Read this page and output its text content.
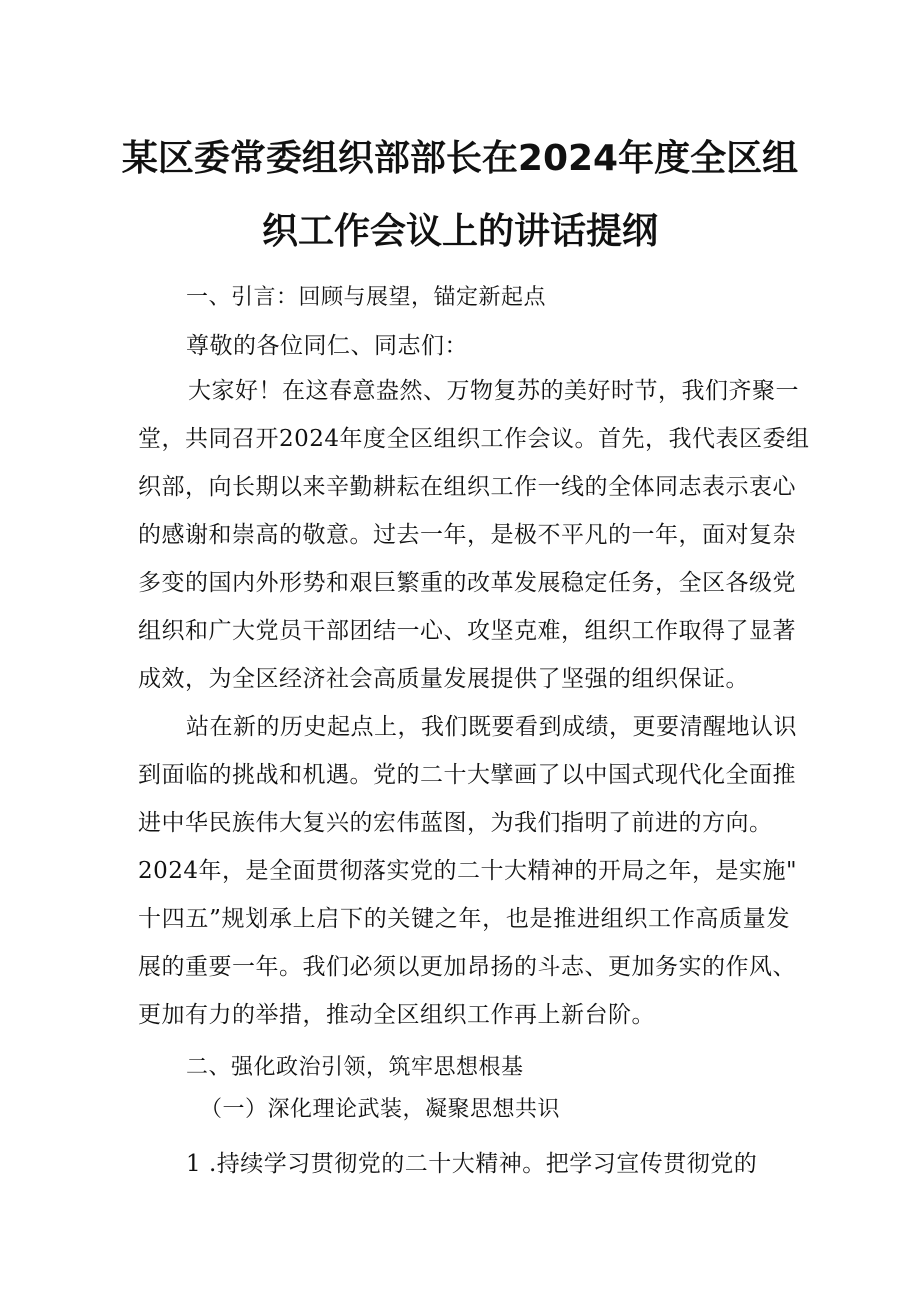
某区委常委组织部部长在2024年度全区组
织工作会议上的讲话提纲

一、引言：回顾与展望，锚定新起点

尊敬的各位同仁、同志们：

大家好！在这春意盎然、万物复苏的美好时节，我们齐聚一

堂，共同召开2024年度全区组织工作会议。首先，我代表区委组

织部，向长期以来辛勤耕耘在组织工作一线的全体同志表示衷心

的感谢和崇高的敬意。过去一年，是极不平凡的一年，面对复杂

多变的国内外形势和艰巨繁重的改革发展稳定任务，全区各级党

组织和广大党员干部团结一心、攻坚克难，组织工作取得了显著

成效，为全区经济社会高质量发展提供了坚强的组织保证。

站在新的历史起点上，我们既要看到成绩，更要清醒地认识

到面临的挑战和机遇。党的二十大擘画了以中国式现代化全面推

进中华民族伟大复兴的宏伟蓝图，为我们指明了前进的方向。

2024年，是全面贯彻落实党的二十大精神的开局之年，是实施"

十四五”规划承上启下的关键之年，也是推进组织工作高质量发

展的重要一年。我们必须以更加昂扬的斗志、更加务实的作风、

更加有力的举措，推动全区组织工作再上新台阶。

二、强化政治引领，筑牢思想根基

（一）深化理论武装，凝聚思想共识

1 .持续学习贯彻党的二十大精神。把学习宣传贯彻党的
